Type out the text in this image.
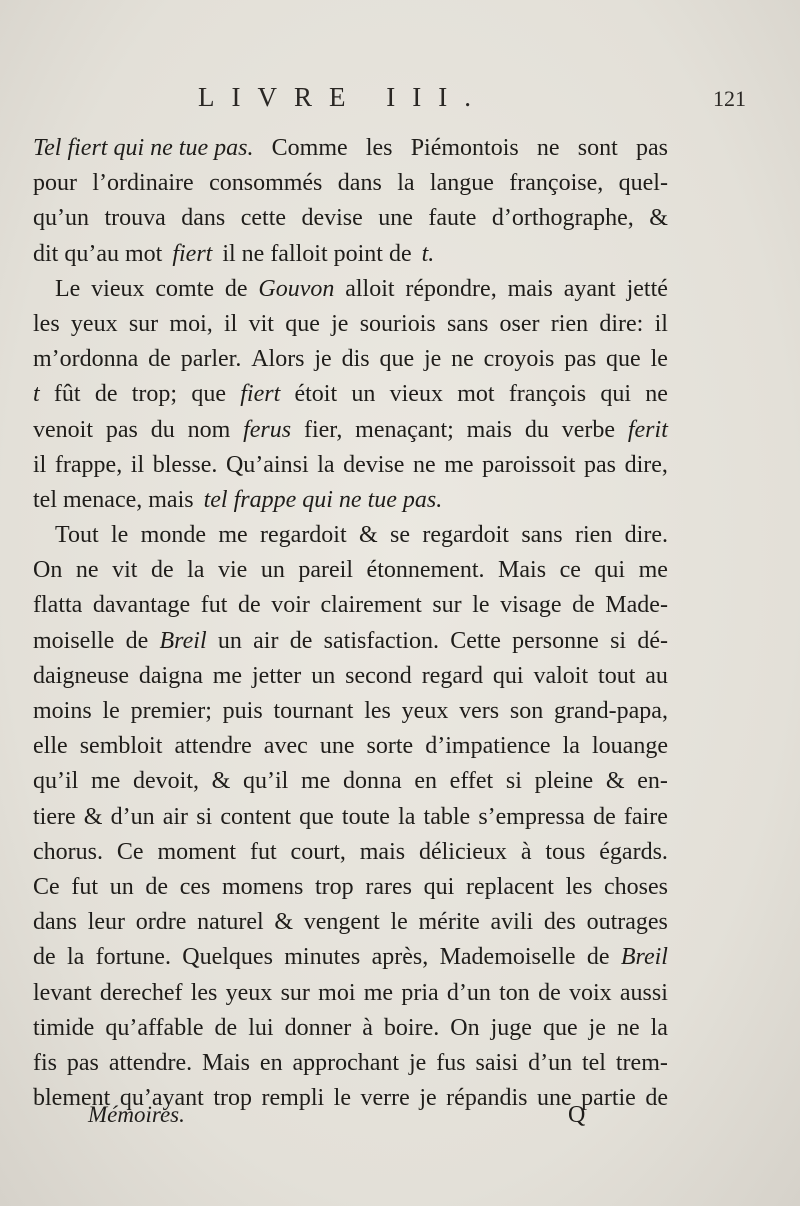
LIVRE III.	121
Tel fiert qui ne tue pas. Comme les Piémontois ne sont pas
pour l’ordinaire consommés dans la langue françoise, quel-
qu’un trouva dans cette devise une faute d’orthographe, &
dit qu’au mot fiert il ne falloit point de t.
Le vieux comte de Gouvon alloit répondre, mais ayant jetté
les yeux sur moi, il vit que je souriois sans oser rien dire: il
m’ordonna de parler. Alors je dis que je ne croyois pas que le
t fût de trop; que fiert étoit un vieux mot françois qui ne
venoit pas du nom ferus fier, menaçant; mais du verbe ferit
il frappe, il blesse. Qu’ainsi la devise ne me paroissoit pas dire,
tel menace, mais tel frappe qui ne tue pas.
Tout le monde me regardoit & se regardoit sans rien dire.
On ne vit de la vie un pareil étonnement. Mais ce qui me
flatta davantage fut de voir clairement sur le visage de Made-
moiselle de Breil un air de satisfaction. Cette personne si dé-
daigneuse daigna me jetter un second regard qui valoit tout au
moins le premier; puis tournant les yeux vers son grand-papa,
elle sembloit attendre avec une sorte d’impatience la louange
qu’il me devoit, & qu’il me donna en effet si pleine & en-
tiere & d’un air si content que toute la table s’empressa de faire
chorus. Ce moment fut court, mais délicieux à tous égards.
Ce fut un de ces momens trop rares qui replacent les choses
dans leur ordre naturel & vengent le mérite avili des outrages
de la fortune. Quelques minutes après, Mademoiselle de Breil
levant derechef les yeux sur moi me pria d’un ton de voix aussi
timide qu’affable de lui donner à boire. On juge que je ne la
fis pas attendre. Mais en approchant je fus saisi d’un tel trem-
blement qu’ayant trop rempli le verre je répandis une partie de
Mémoires.	Q
